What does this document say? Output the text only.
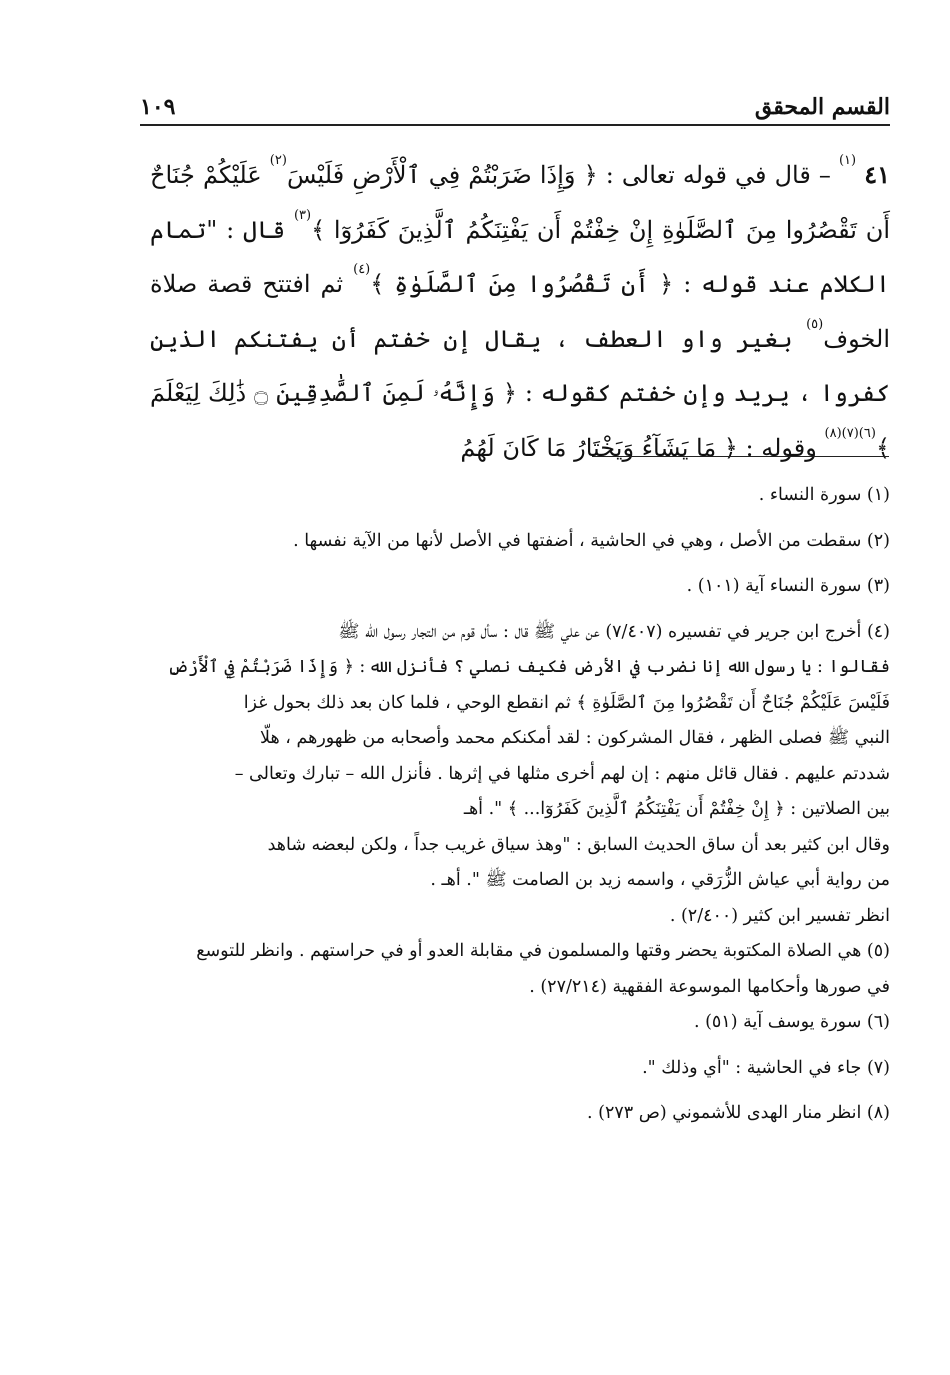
القسم المحقق
١٠٩

٤١ $^{(١)}$ – قال في قوله تعالى : ﴿ وَإِذَا ضَرَبْتُمْ فِي ٱلْأَرْضِ فَلَيْسَ$^{(٢)}$ عَلَيْكُمْ جُنَاحٌ أَن تَقْصُرُوا مِنَ ٱلصَّلَوٰةِ إِنْ خِفْتُمْ أَن يَفْتِنَكُمُ ٱلَّذِينَ كَفَرُوٓا ﴾$^{(٣)}$ قال : "تمام الكلام عند قوله : ﴿ أَن تَقْصُرُوا مِنَ ٱلصَّلَوٰةِ ﴾$^{(٤)}$ ثم افتتح قصة صلاة الخوف$^{(٥)}$ بغير واو العطف ، يقال إن خفتم أن يفتنكم الذين كفروا ، يريد وإن خفتم كقوله : ﴿ وَإِنَّهُۥ لَمِنَ ٱلصَّٰدِقِينَ ۝ ذَٰلِكَ لِيَعْلَمَ ﴾$^{(٦)(٧)(٨)}$ وقوله : ﴿ مَا يَشَآءُ وَيَخْتَارُ مَا كَانَ لَهُمُ

(١) سورة النساء .

(٢) سقطت من الأصل ، وهي في الحاشية ، أضفتها في الأصل لأنها من الآية نفسها .

(٣) سورة النساء آية (١٠١) .

(٤) أخرج ابن جرير في تفسيره (٧/٤٠٧) عن علي ﷺ قال : سأل قوم من التجار رسول الله ﷺ

فقالوا : يا رسول الله إنا نضرب في الأرض فكيف نصلي ؟ فأنزل الله : ﴿ وَإِذَا ضَرَبْتُمْ فِي ٱلْأَرْضِ

فَلَيْسَ عَلَيْكُمْ جُنَاحٌ أَن تَقْصُرُوا مِنَ ٱلصَّلَوٰةِ ﴾ ثم انقطع الوحي ، فلما كان بعد ذلك بحول غزا

النبي ﷺ فصلى الظهر ، فقال المشركون : لقد أمكنكم محمد وأصحابه من ظهورهم ، هلّا

شددتم عليهم . فقال قائل منهم : إن لهم أخرى مثلها في إثرها . فأنزل الله – تبارك وتعالى –

بين الصلاتين : ﴿ إِنْ خِفْتُمْ أَن يَفْتِنَكُمُ ٱلَّذِينَ كَفَرُوٓا... ﴾ ". أهـ

وقال ابن كثير بعد أن ساق الحديث السابق : "وهذ سياق غريب جداً ، ولكن لبعضه شاهد

من رواية أبي عياش الزُّرَقي ، واسمه زيد بن الصامت ﷺ ". أهـ .

انظر تفسير ابن كثير (٢/٤٠٠) .

(٥) هي الصلاة المكتوبة يحضر وقتها والمسلمون في مقابلة العدو أو في حراستهم . وانظر للتوسع

في صورها وأحكامها الموسوعة الفقهية (٢٧/٢١٤) .

(٦) سورة يوسف آية (٥١) .

(٧) جاء في الحاشية : "أي وذلك ".

(٨) انظر منار الهدى للأشموني (ص ٢٧٣) .
